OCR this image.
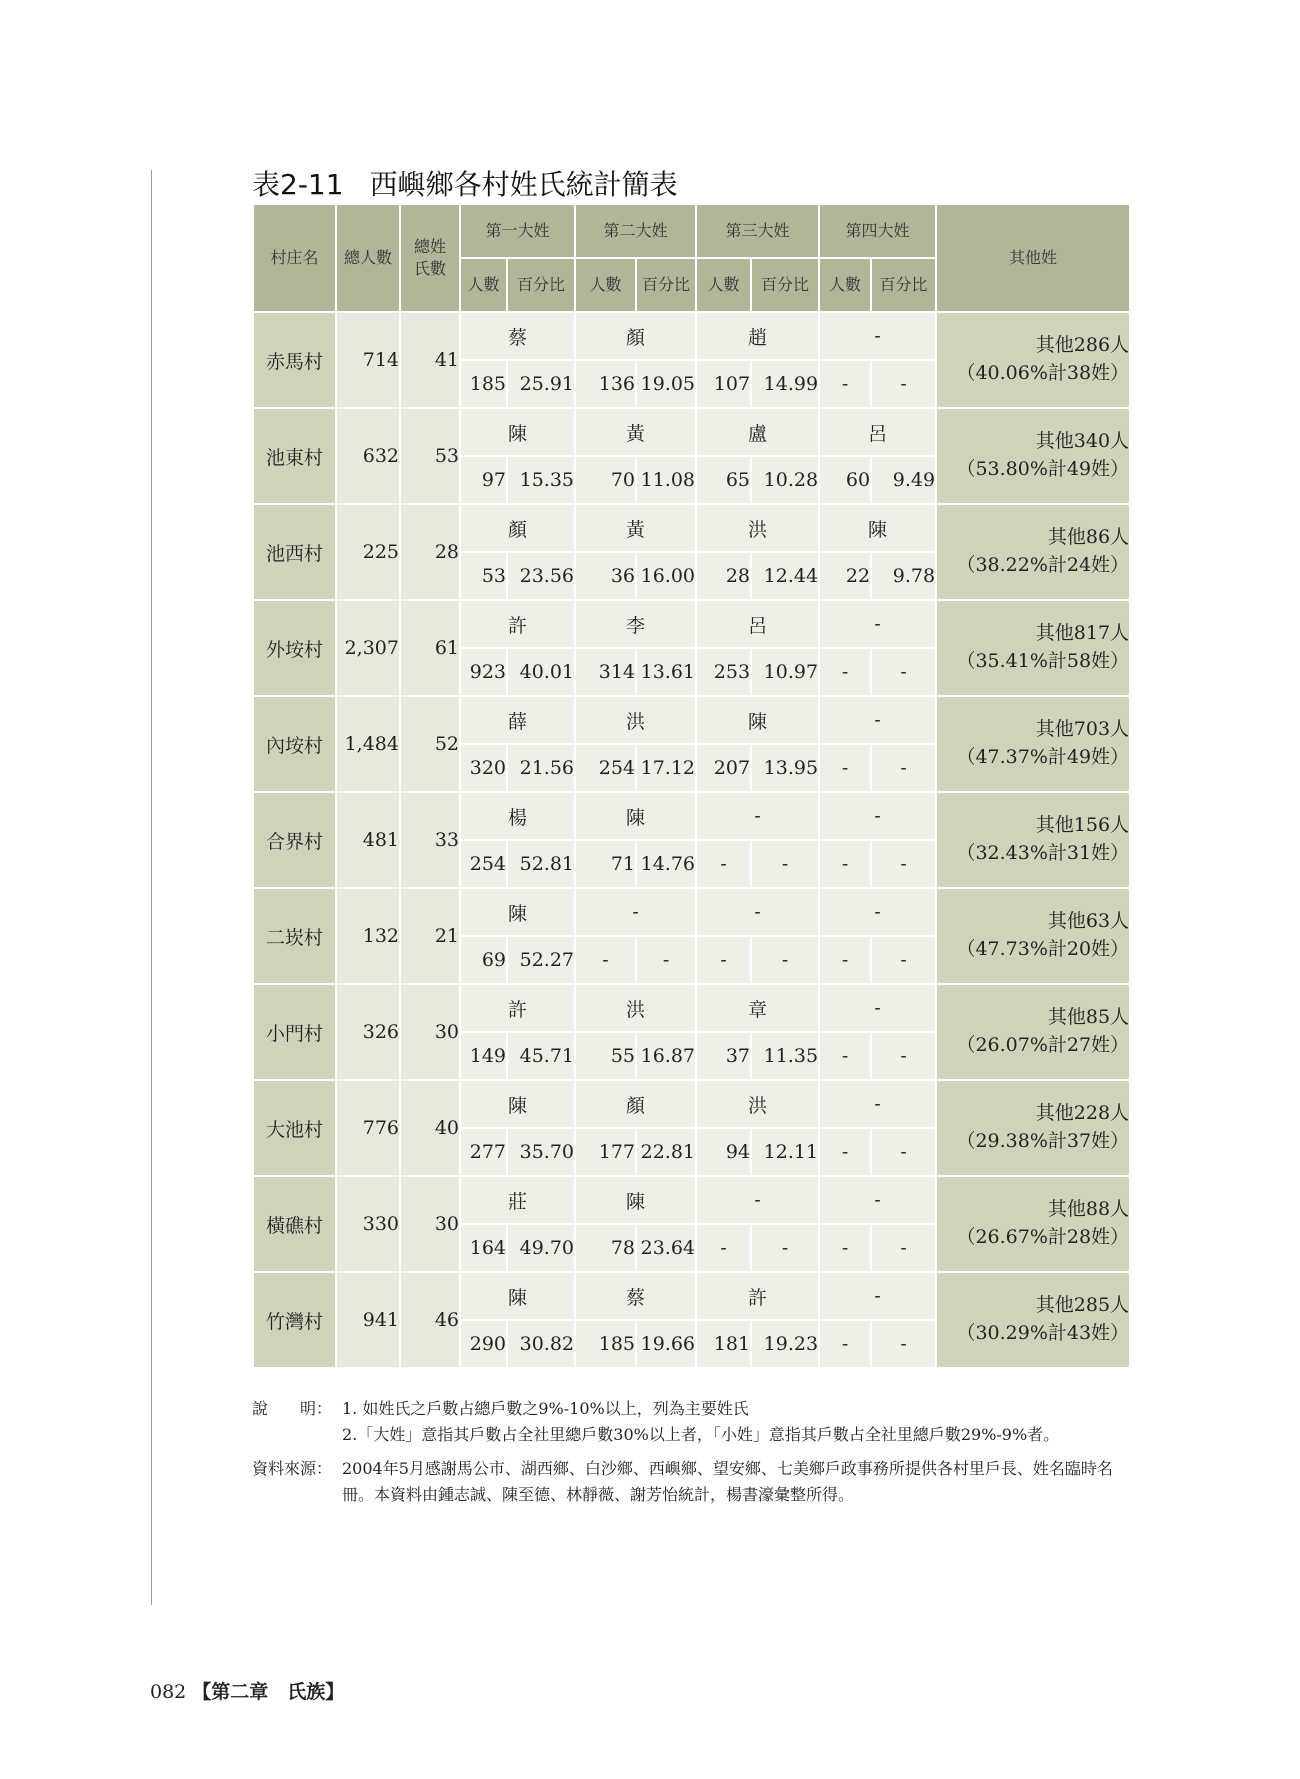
表2-11 西嶼鄉各村姓氏統計簡表
村庄名	總人數	總姓
氏數	第一大姓		第二大姓		第三大姓		第四大姓		其他姓
			人數	百分比	人數	百分比	人數	百分比	人數	百分比	
赤馬村	714	41	蔡		顏		趙		-		其他286人
（40.06%計38姓）

			185	25.91	136	19.05	107	14.99	-	-	
池東村	632	53	陳		黃		盧		呂		其他340人
（53.80%計49姓）

			97	15.35	70	11.08	65	10.28	60	9.49	
池西村	225	28	顏		黃		洪		陳		其他86人
（38.22%計24姓）

			53	23.56	36	16.00	28	12.44	22	9.78	
外垵村	2,307	61	許		李		呂		-		其他817人
（35.41%計58姓）

			923	40.01	314	13.61	253	10.97	-	-	
內垵村	1,484	52	薛		洪		陳		-		其他703人
（47.37%計49姓）

			320	21.56	254	17.12	207	13.95	-	-	
合界村	481	33	楊		陳		-		-		其他156人
（32.43%計31姓）

			254	52.81	71	14.76	-	-	-	-	
二崁村	132	21	陳		-		-		-		其他63人
（47.73%計20姓）

			69	52.27	-	-	-	-	-	-	
小門村	326	30	許		洪		章		-		其他85人
（26.07%計27姓）

			149	45.71	55	16.87	37	11.35	-	-	
大池村	776	40	陳		顏		洪		-		其他228人
（29.38%計37姓）

			277	35.70	177	22.81	94	12.11	-	-	
橫礁村	330	30	莊		陳		-		-		其他88人
（26.67%計28姓）

			164	49.70	78	23.64	-	-	-	-	
竹灣村	941	46	陳		蔡		許		-		其他285人
（30.29%計43姓）

			290	30.82	185	19.66	181	19.23	-	-	
說　　明： 1. 如姓氏之戶數占總戶數之9%-10%以上，列為主要姓氏
2.「大姓」意指其戶數占全社里總戶數30%以上者，「小姓」意指其戶數占全社里總戶數29%-9%者。
資料來源： 2004年5月感謝馬公市、湖西鄉、白沙鄉、西嶼鄉、望安鄉、七美鄉戶政事務所提供各村里戶長、姓名臨時名冊。本資料由鍾志誠、陳至德、林靜薇、謝芳怡統計，楊書濠彙整所得。
082 【第二章　氏族】
